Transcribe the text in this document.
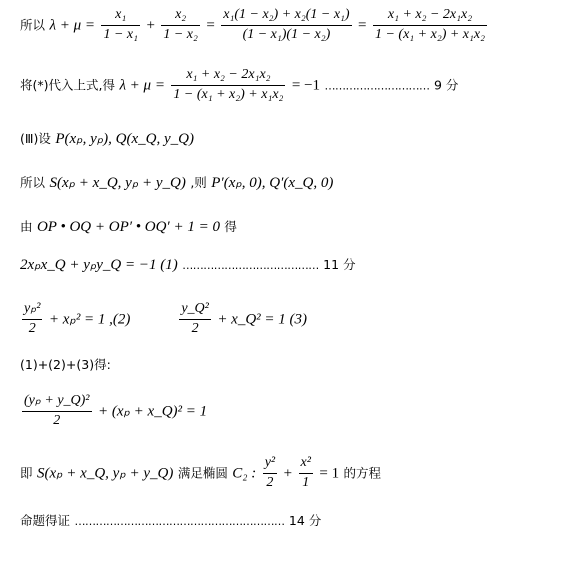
所以 $\lambda + \mu = \frac{\text{x₁}}{\text{1 − x₁}} + \frac{\text{x₂}}{\text{1 − x₂}} = \frac{\text{x₁(1 − x₂) + x₂(1 − x₁)}}{\text{(1 − x₁)(1 − x₂)}} = \frac{\text{x₁ + x₂ − 2x₁x₂}}{\text{1 − (x₁ + x₂) + x₁x₂}}$
将(*)代入上式,得 $\lambda + \mu = \frac{\text{x₁ + x₂ − 2x₁x₂}}{\text{1 − (x₁ + x₂) + x₁x₂}} = -1$ ………………………… 9 分
(Ⅲ)设 P(xₚ, yₚ), Q(x_Q, y_Q)
所以 S(xₚ + x_Q, yₚ + y_Q) ,则 P′(xₚ, 0), Q′(x_Q, 0)
由 OP • OQ + OP′ • OQ′ + 1 = 0 得
2xₚx_Q + yₚy_Q = −1 (1) ………………………………… 11 分
$\frac{\text{yₚ²}}{2} + x_p^2 = 1$ ,(2)	$\frac{\text{y\_Q²}}{2}$ + x_Q² = 1 (3)
(1)+(2)+(3)得:
$\frac{\text{(yₚ + y\_Q)²}}{2} + (x_p$ + x_Q)² = 1
即 S(xₚ + x_Q, yₚ + y_Q) 满足椭圆 C₂ : $\frac{\text{y²}}{2} + \frac{\text{x²}}{1} = 1$ 的方程
命题得证 …………………………………………………… 14 分
